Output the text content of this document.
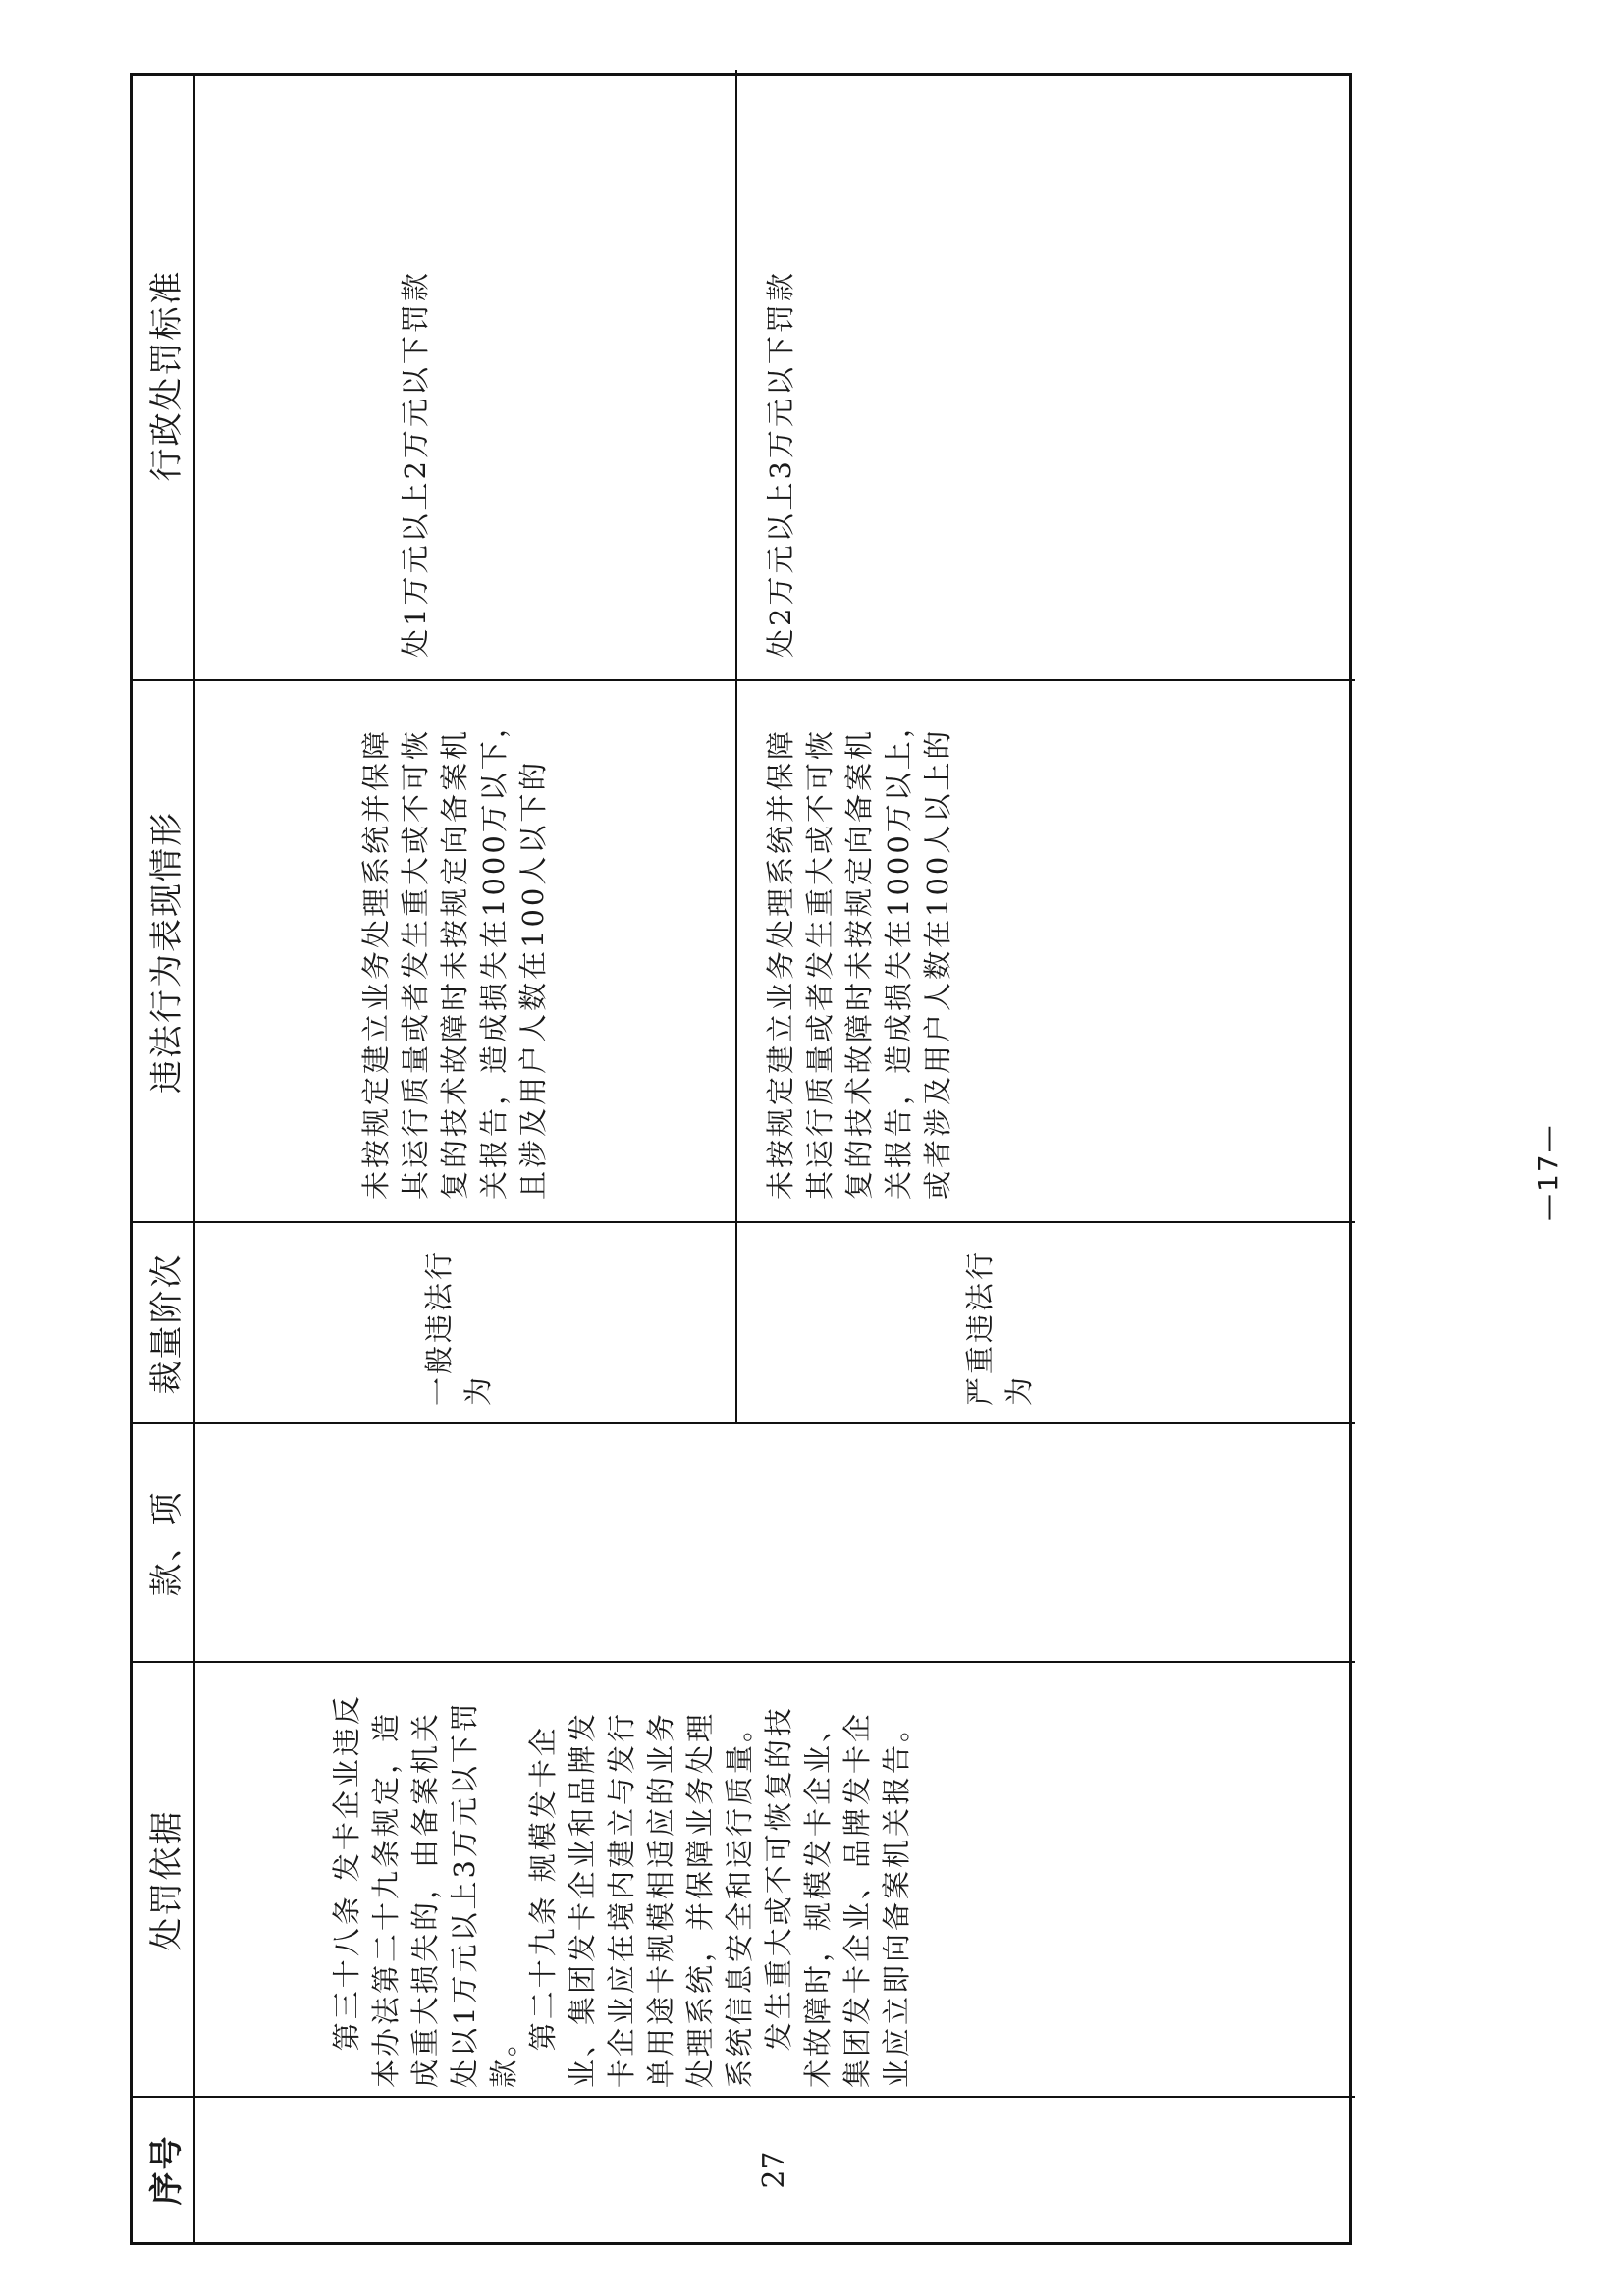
序号
处罚依据
款、项
裁量阶次
违法行为表现情形
行政处罚标准
27

第三十八条 发卡企业违反本办法第二十九条规定，造成重大损失的，由备案机关处以1万元以上3万元以下罚款。

第二十九条 规模发卡企业、集团发卡企业和品牌发卡企业应在境内建立与发行单用途卡规模相适应的业务处理系统，并保障业务处理系统信息安全和运行质量。 发生重大或不可恢复的技术故障时，规模发卡企业、集团发卡企业、品牌发卡企业应立即向备案机关报告。

一般违法行为
未按规定建立业务处理系统并保障其运行质量或者发生重大或不可恢复的技术故障时未按规定向备案机关报告，造成损失在1000万以下，且涉及用户人数在100人以下的
处1万元以上2万元以下罚款
严重违法行为
未按规定建立业务处理系统并保障其运行质量或者发生重大或不可恢复的技术故障时未按规定向备案机关报告，造成损失在1000万以上，或者涉及用户人数在100人以上的
处2万元以上3万元以下罚款
—17—
